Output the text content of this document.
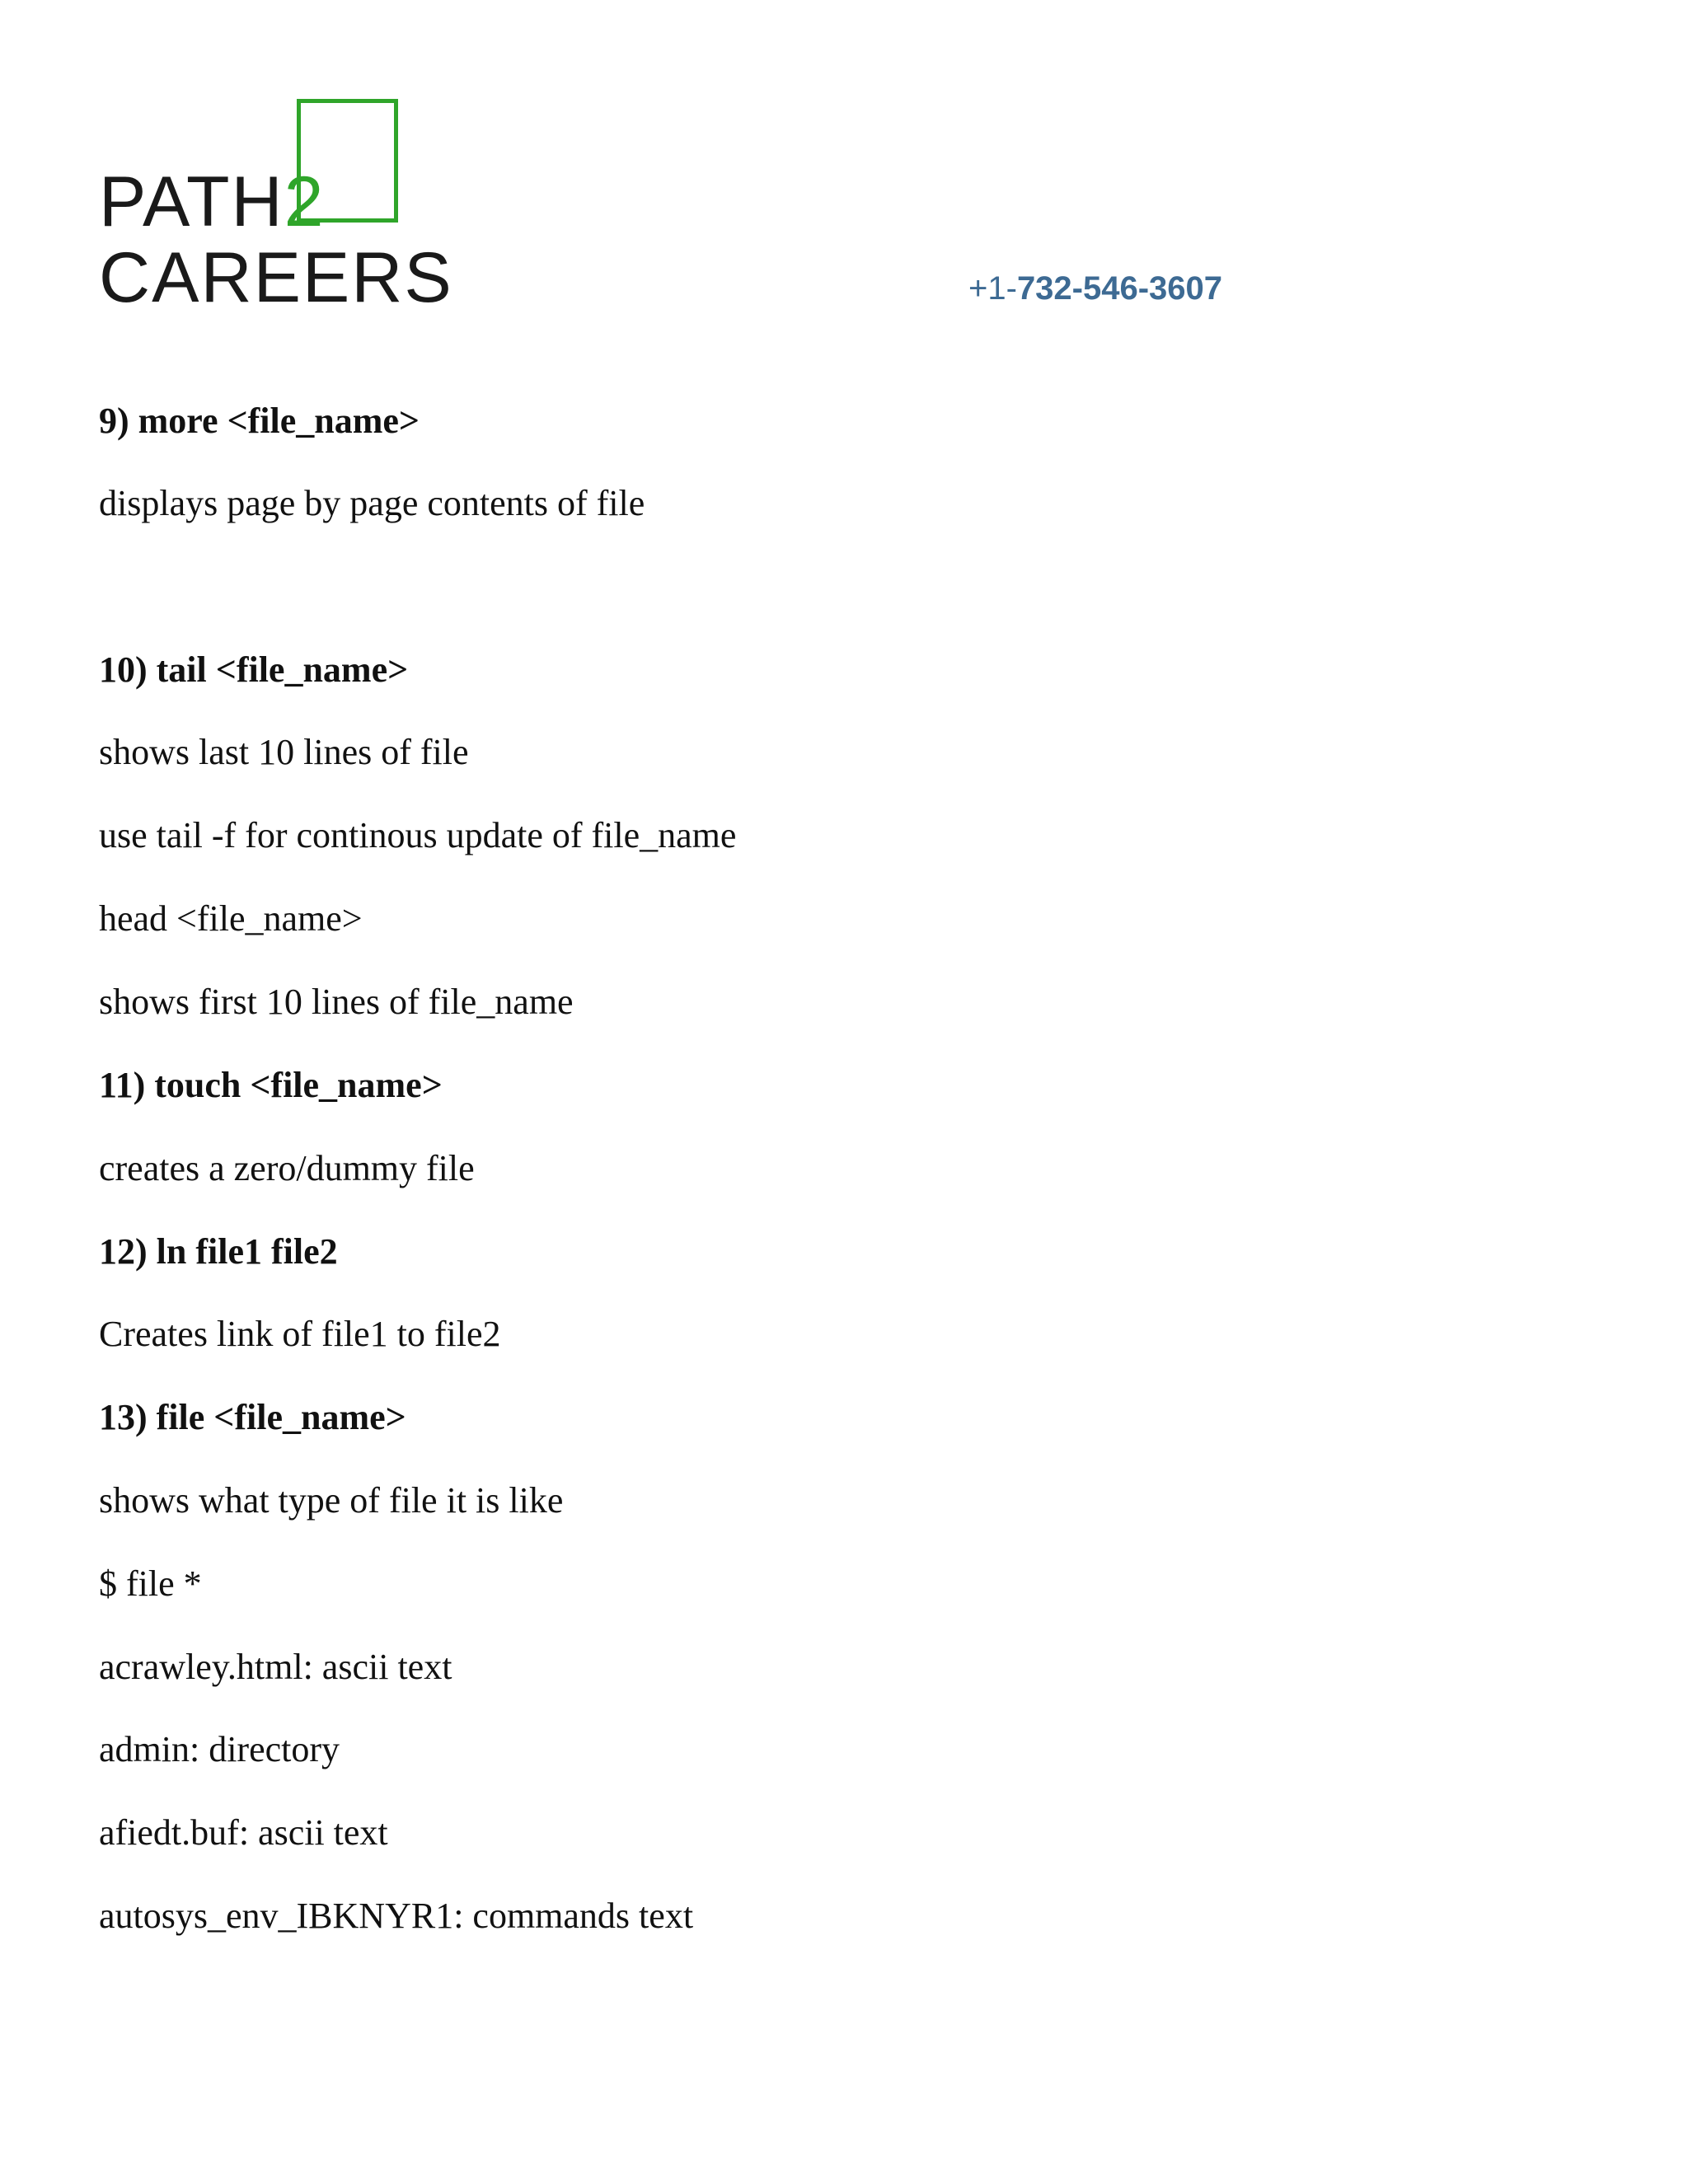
PATH2
CAREERS	+1-732-546-3607
9) more <file_name>
displays page by page contents of file
10) tail <file_name>
shows last 10 lines of file
use tail -f for continous update of file_name
head <file_name>
shows first 10 lines of file_name
11) touch <file_name>
creates a zero/dummy file
12) ln file1 file2
Creates link of file1 to file2
13) file <file_name>
shows what type of file it is like
$ file *
acrawley.html: ascii text
admin: directory
afiedt.buf: ascii text
autosys_env_IBKNYR1: commands text
